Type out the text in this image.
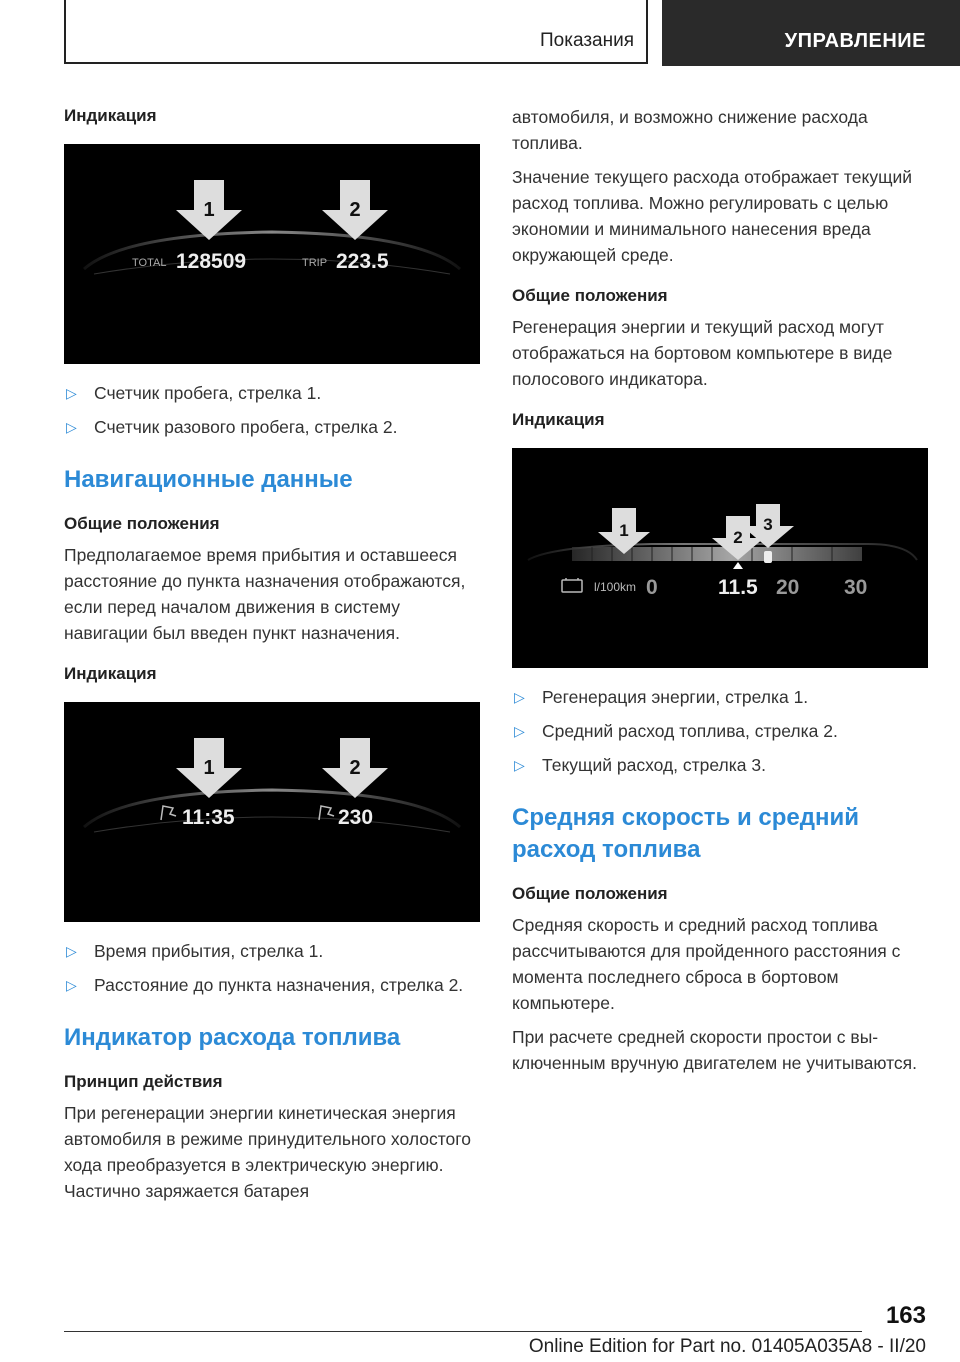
Показания	УПРАВЛЕНИЕ

Индикация

1	2
TOTAL 128509	TRIP 223.5
▷ Счетчик пробега, стрелка 1.
▷ Счетчик разового пробега, стрелка 2.

Навигационные данные

Общие положения

Предполагаемое время прибытия и оставшееся расстояние до пункта назначения отображаются, если перед началом движения в систему навигации был введен пункт назначения.

Индикация

1	2
11:35	230
▷ Время прибытия, стрелка 1.
▷ Расстояние до пункта назначения, стрелка 2.

Индикатор расхода топлива

Принцип действия

При регенерации энергии кинетическая энергия автомобиля в режиме принудительного холостого хода преобразуется в электрическую энергию. Частично заряжается батарея

автомобиля, и возможно снижение расхода топлива.

Значение текущего расхода отображает текущий расход топлива. Можно регулировать с целью экономии и минимального нанесения вреда окружающей среде.

Общие положения

Регенерация энергии и текущий расход могут отображаться на бортовом компьютере в виде полосового индикатора.

Индикация

1	2
3
l/100km 0	11.5 20 30
▷ Регенерация энергии, стрелка 1.
▷ Средний расход топлива, стрелка 2.
▷ Текущий расход, стрелка 3.

Средняя скорость и средний расход топлива

Общие положения

Средняя скорость и средний расход топлива рассчитываются для пройденного расстояния с момента последнего сброса в бортовом компьютере.

При расчете средней скорости простои с выключенным вручную двигателем не учитываются.

163
Online Edition for Part no. 01405A035A8 - II/20
